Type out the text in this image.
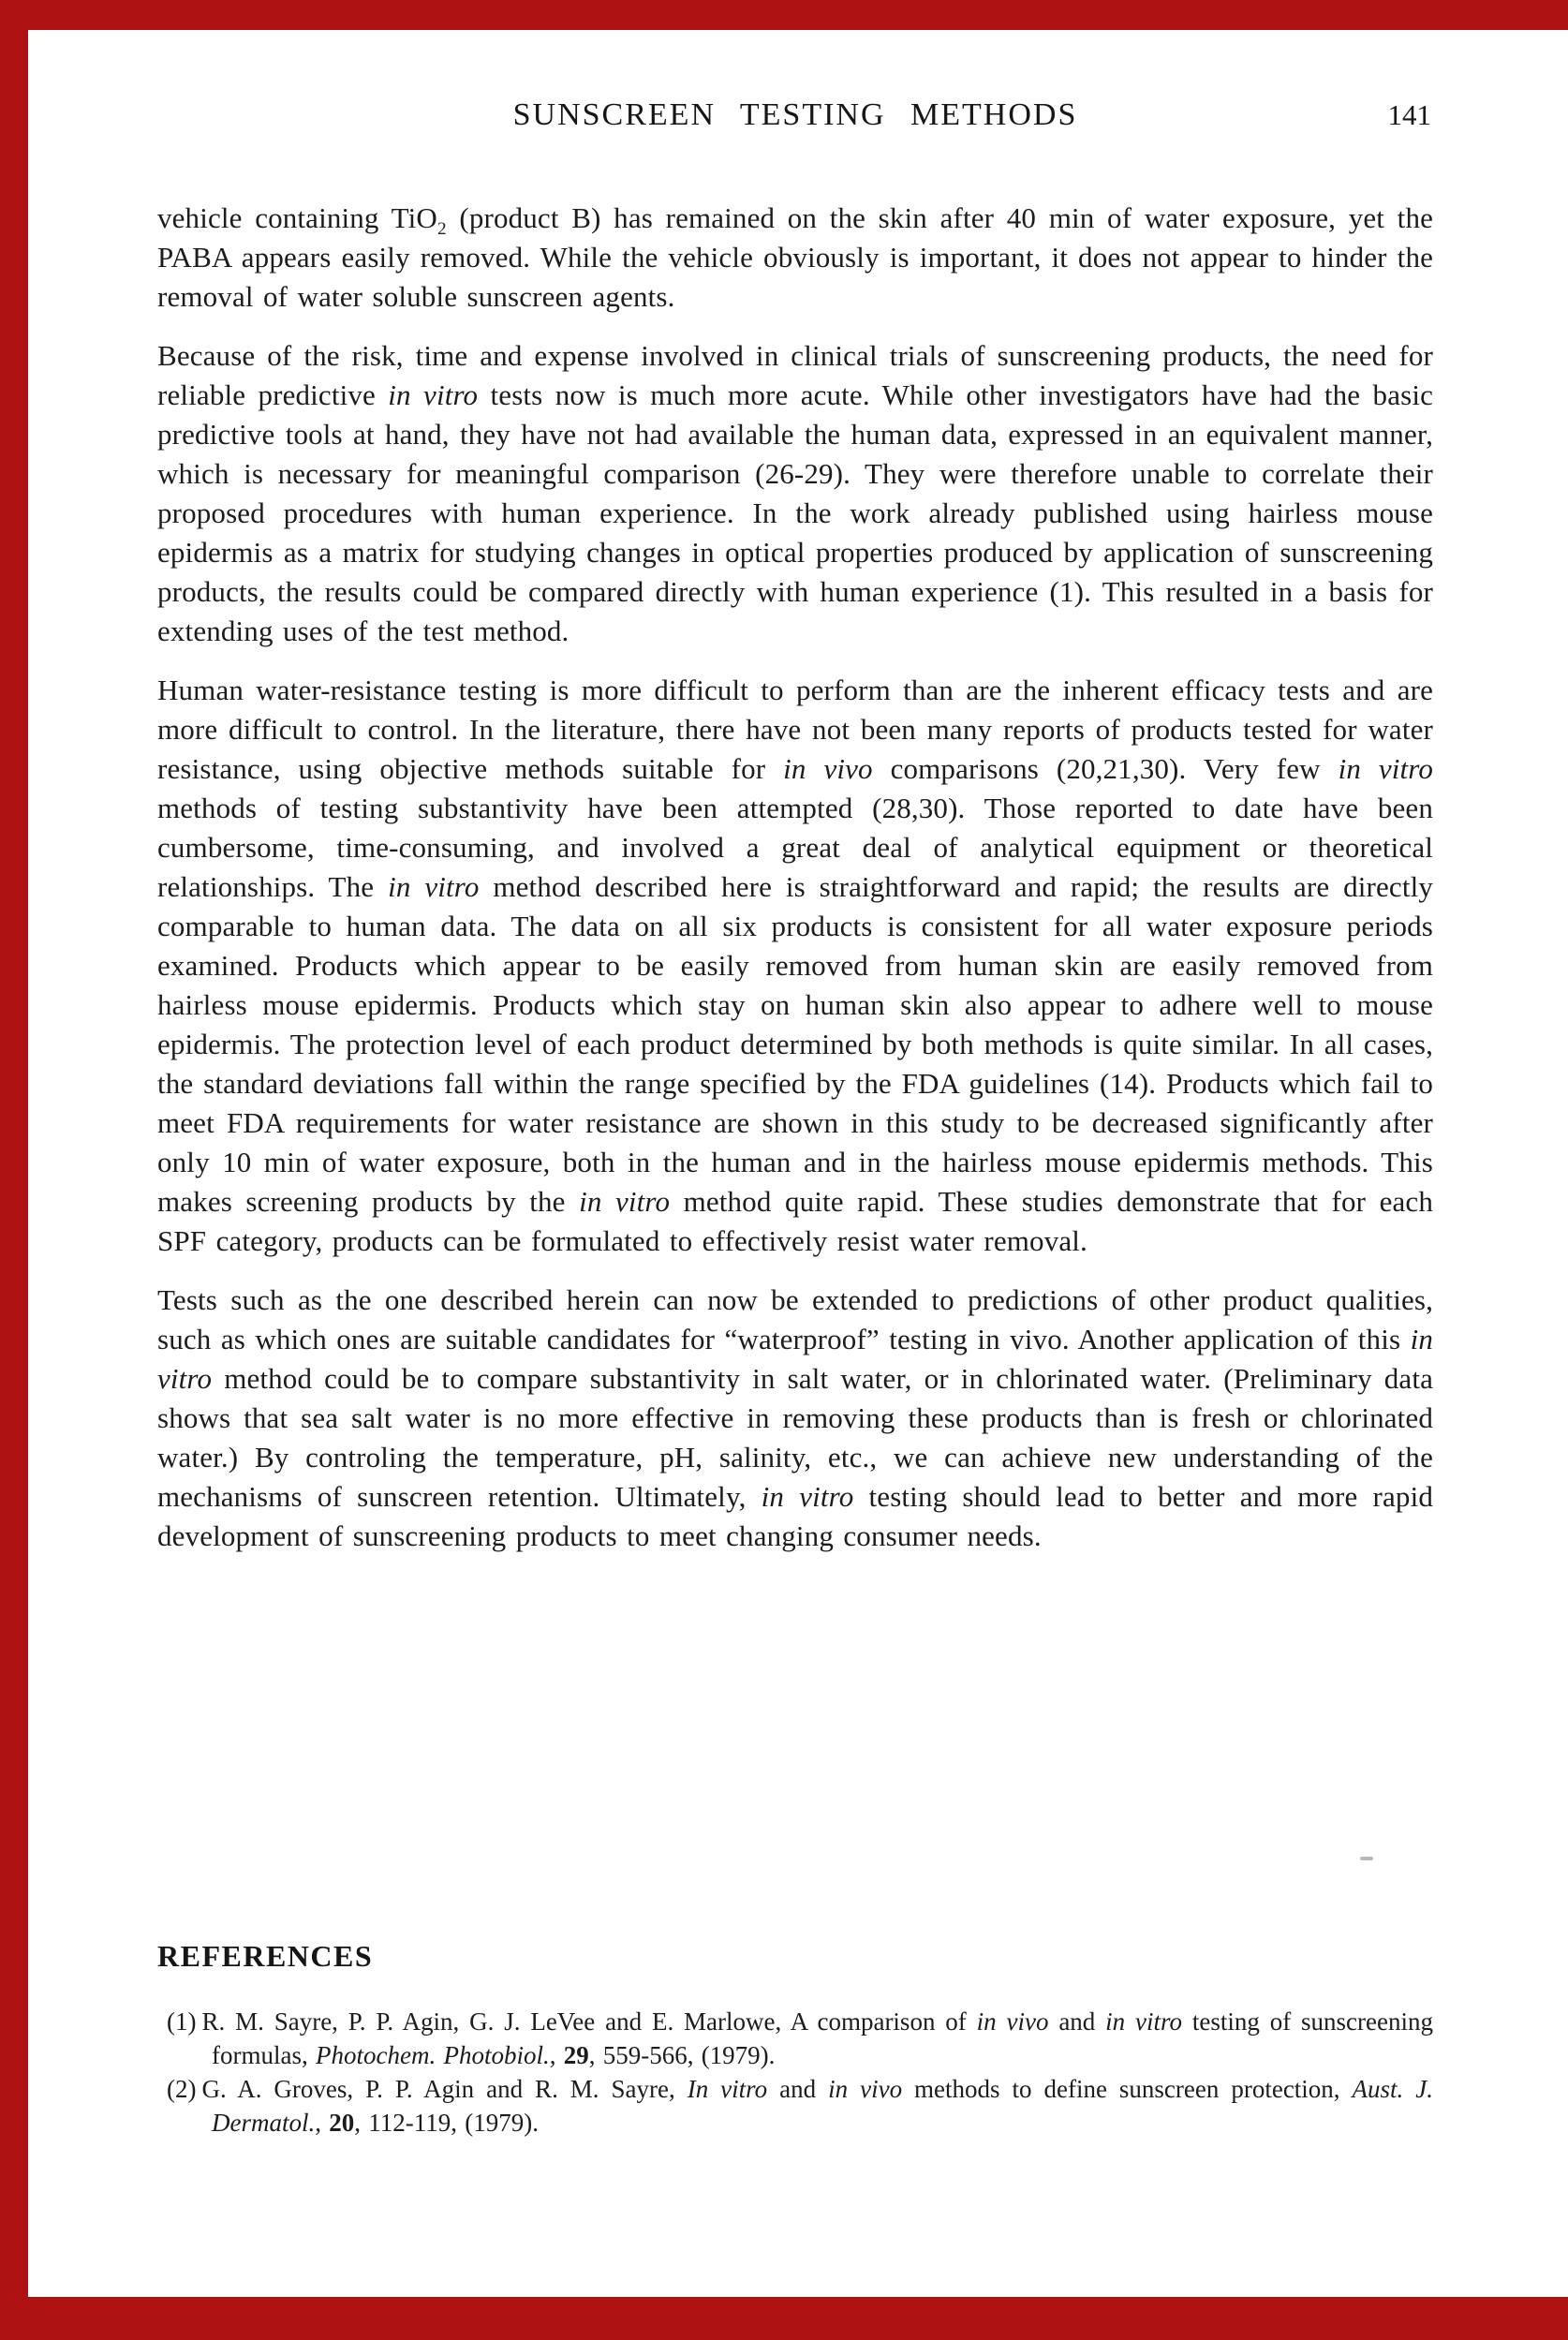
SUNSCREEN TESTING METHODS	141

vehicle containing TiO$_2$ (product B) has remained on the skin after 40 min of water exposure, yet the PABA appears easily removed. While the vehicle obviously is important, it does not appear to hinder the removal of water soluble sunscreen agents.

Because of the risk, time and expense involved in clinical trials of sunscreening products, the need for reliable predictive in vitro tests now is much more acute. While other investigators have had the basic predictive tools at hand, they have not had available the human data, expressed in an equivalent manner, which is necessary for meaningful comparison (26-29). They were therefore unable to correlate their proposed procedures with human experience. In the work already published using hairless mouse epidermis as a matrix for studying changes in optical properties produced by application of sunscreening products, the results could be compared directly with human experience (1). This resulted in a basis for extending uses of the test method.

Human water-resistance testing is more difficult to perform than are the inherent efficacy tests and are more difficult to control. In the literature, there have not been many reports of products tested for water resistance, using objective methods suitable for in vivo comparisons (20,21,30). Very few in vitro methods of testing substantivity have been attempted (28,30). Those reported to date have been cumbersome, time-consuming, and involved a great deal of analytical equipment or theoretical relationships. The in vitro method described here is straightforward and rapid; the results are directly comparable to human data. The data on all six products is consistent for all water exposure periods examined. Products which appear to be easily removed from human skin are easily removed from hairless mouse epidermis. Products which stay on human skin also appear to adhere well to mouse epidermis. The protection level of each product determined by both methods is quite similar. In all cases, the standard deviations fall within the range specified by the FDA guidelines (14). Products which fail to meet FDA requirements for water resistance are shown in this study to be decreased significantly after only 10 min of water exposure, both in the human and in the hairless mouse epidermis methods. This makes screening products by the in vitro method quite rapid. These studies demonstrate that for each SPF category, products can be formulated to effectively resist water removal.

Tests such as the one described herein can now be extended to predictions of other product qualities, such as which ones are suitable candidates for “waterproof” testing in vivo. Another application of this in vitro method could be to compare substantivity in salt water, or in chlorinated water. (Preliminary data shows that sea salt water is no more effective in removing these products than is fresh or chlorinated water.) By controling the temperature, pH, salinity, etc., we can achieve new understanding of the mechanisms of sunscreen retention. Ultimately, in vitro testing should lead to better and more rapid development of sunscreening products to meet changing consumer needs.

REFERENCES
(1) R. M. Sayre, P. P. Agin, G. J. LeVee and E. Marlowe, A comparison of in vivo and in vitro testing of sunscreening formulas, Photochem. Photobiol., 29, 559-566, (1979).
(2) G. A. Groves, P. P. Agin and R. M. Sayre, In vitro and in vivo methods to define sunscreen protection, Aust. J. Dermatol., 20, 112-119, (1979).
